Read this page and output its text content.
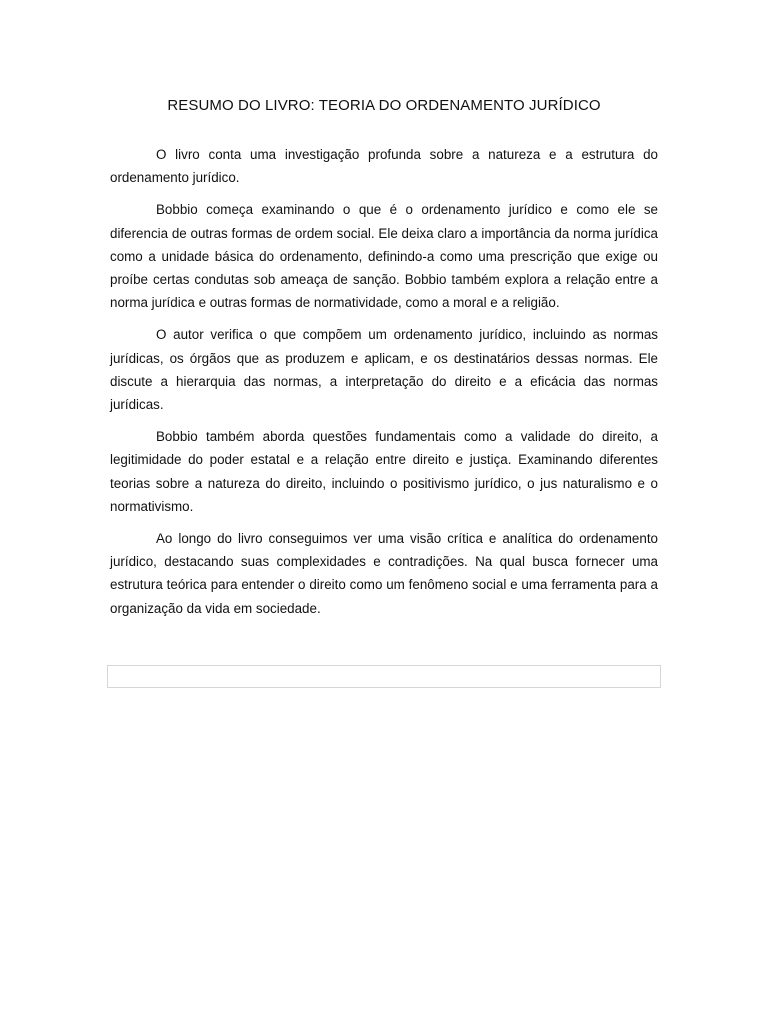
RESUMO DO LIVRO: TEORIA DO ORDENAMENTO JURÍDICO

O livro conta uma investigação profunda sobre a natureza e a estrutura do ordenamento jurídico.

Bobbio começa examinando o que é o ordenamento jurídico e como ele se diferencia de outras formas de ordem social. Ele deixa claro a importância da norma jurídica como a unidade básica do ordenamento, definindo-a como uma prescrição que exige ou proíbe certas condutas sob ameaça de sanção. Bobbio também explora a relação entre a norma jurídica e outras formas de normatividade, como a moral e a religião.

O autor verifica o que compõem um ordenamento jurídico, incluindo as normas jurídicas, os órgãos que as produzem e aplicam, e os destinatários dessas normas. Ele discute a hierarquia das normas, a interpretação do direito e a eficácia das normas jurídicas.

Bobbio também aborda questões fundamentais como a validade do direito, a legitimidade do poder estatal e a relação entre direito e justiça. Examinando diferentes teorias sobre a natureza do direito, incluindo o positivismo jurídico, o jus naturalismo e o normativismo.

Ao longo do livro conseguimos ver uma visão crítica e analítica do ordenamento jurídico, destacando suas complexidades e contradições. Na qual busca fornecer uma estrutura teórica para entender o direito como um fenômeno social e uma ferramenta para a organização da vida em sociedade.
